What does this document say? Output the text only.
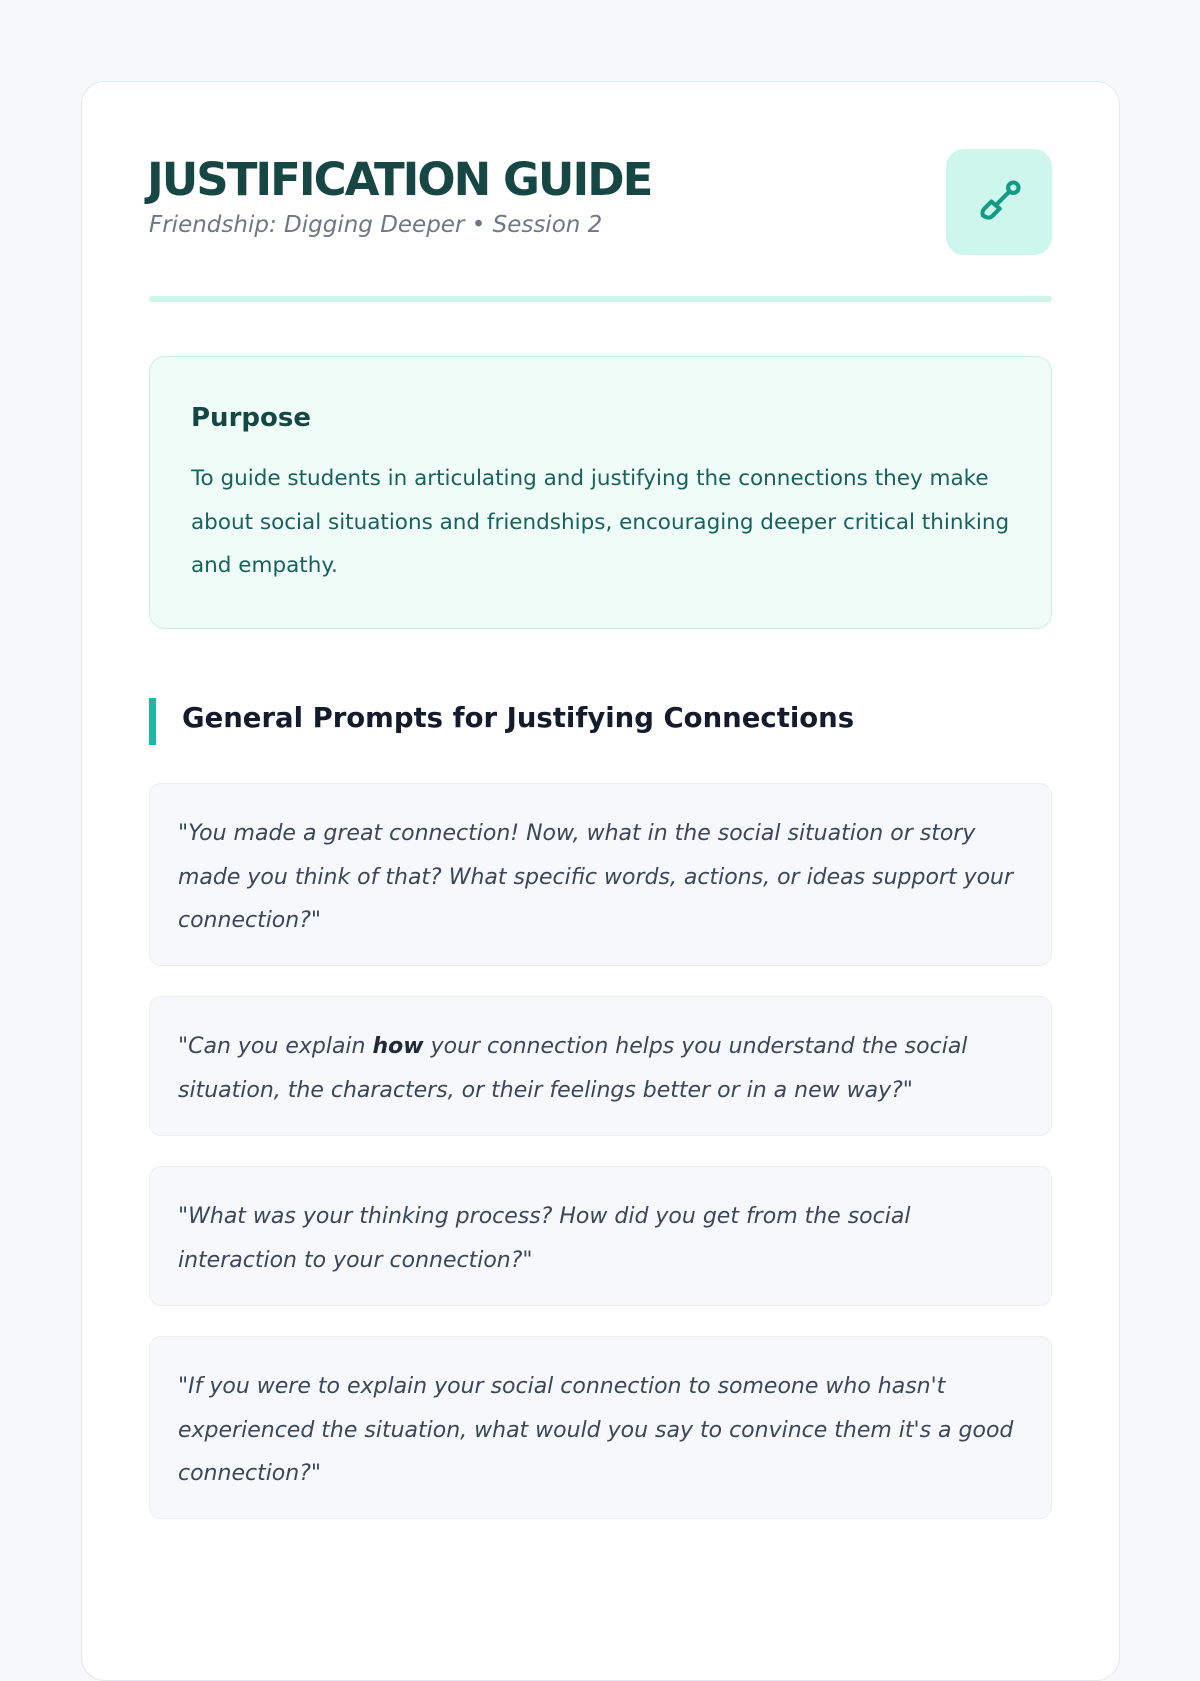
JUSTIFICATION GUIDE
Friendship: Digging Deeper • Session 2
Purpose
To guide students in articulating and justifying the connections they make about social situations and friendships, encouraging deeper critical thinking and empathy.
General Prompts for Justifying Connections
"You made a great connection! Now, what in the social situation or story made you think of that? What specific words, actions, or ideas support your connection?"
"Can you explain how your connection helps you understand the social situation, the characters, or their feelings better or in a new way?"
"What was your thinking process? How did you get from the social interaction to your connection?"
"If you were to explain your social connection to someone who hasn't experienced the situation, what would you say to convince them it's a good connection?"
